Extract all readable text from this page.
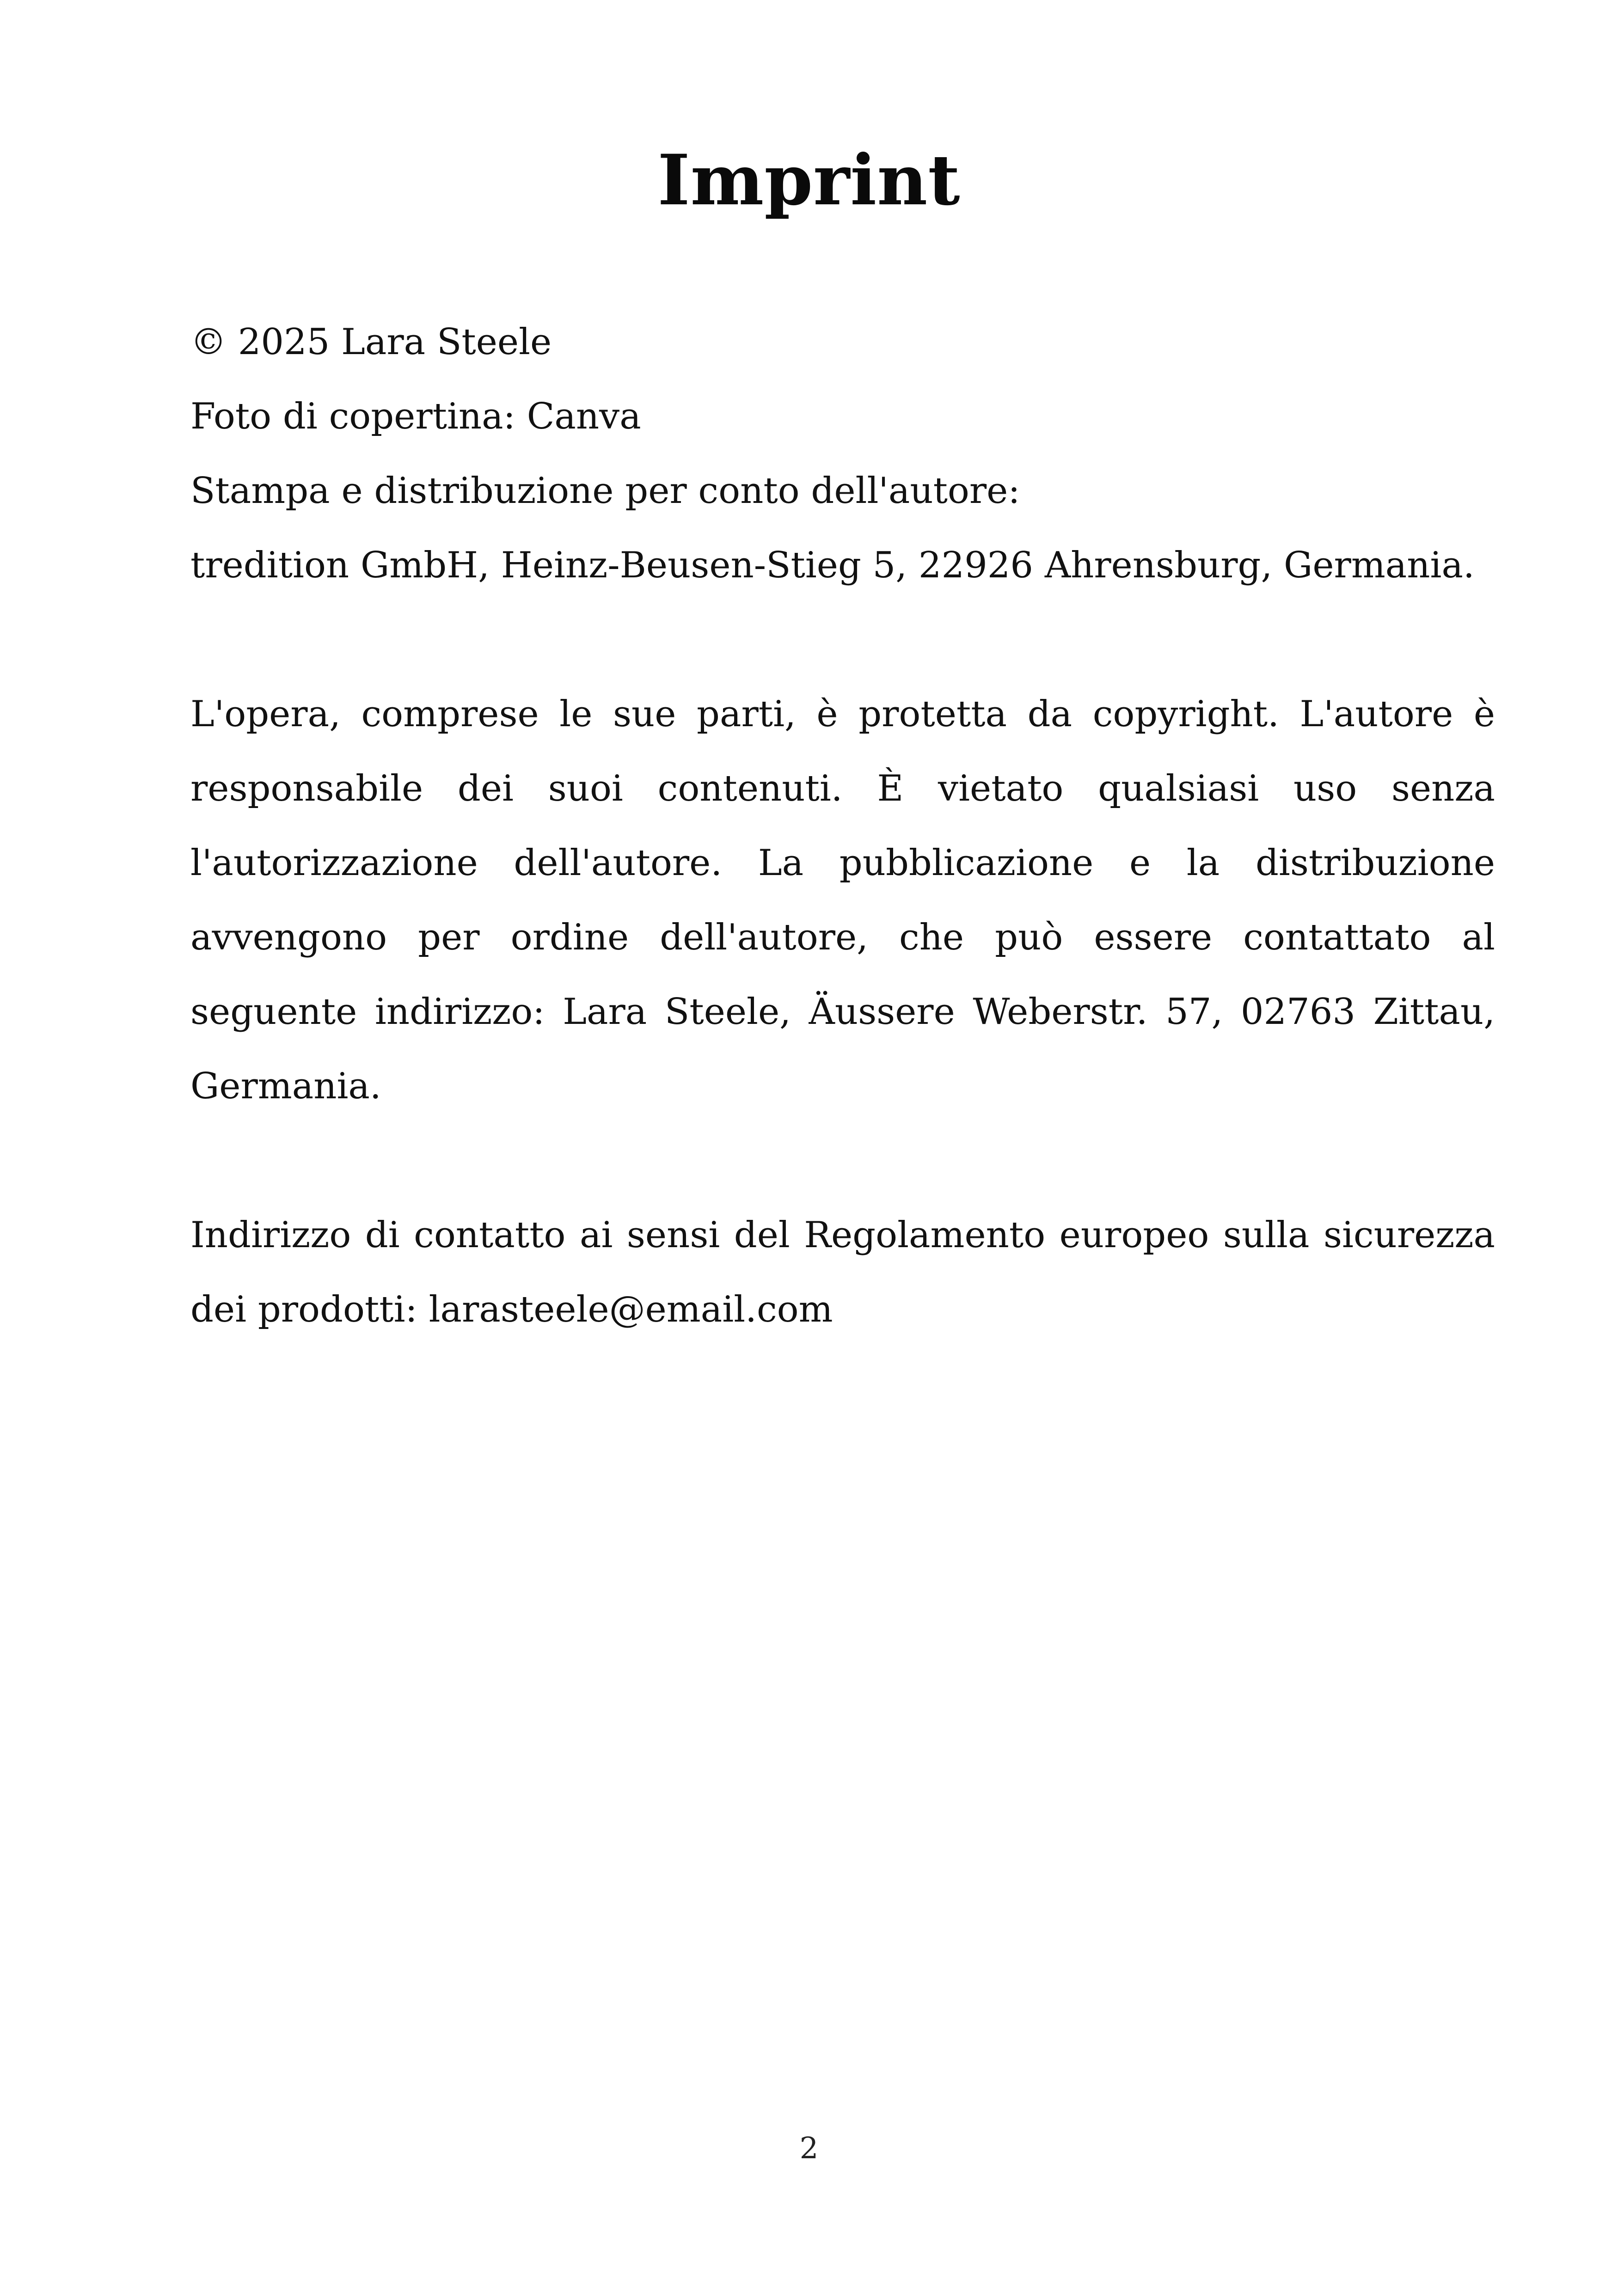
Imprint
© 2025 Lara Steele
Foto di copertina: Canva
Stampa e distribuzione per conto dell'autore:
tredition GmbH, Heinz-Beusen-Stieg 5, 22926 Ahrensburg, Germania.

L'opera, comprese le sue parti, è protetta da copyright. L'autore è responsabile dei suoi contenuti. È vietato qualsiasi uso senza l'autorizzazione dell'autore. La pubblicazione e la distribuzione avvengono per ordine dell'autore, che può essere contattato al seguente indirizzo: Lara Steele, Äussere Weberstr. 57, 02763 Zittau, Germania.

Indirizzo di contatto ai sensi del Regolamento europeo sulla sicurezza dei prodotti: larasteele@email.com

2
